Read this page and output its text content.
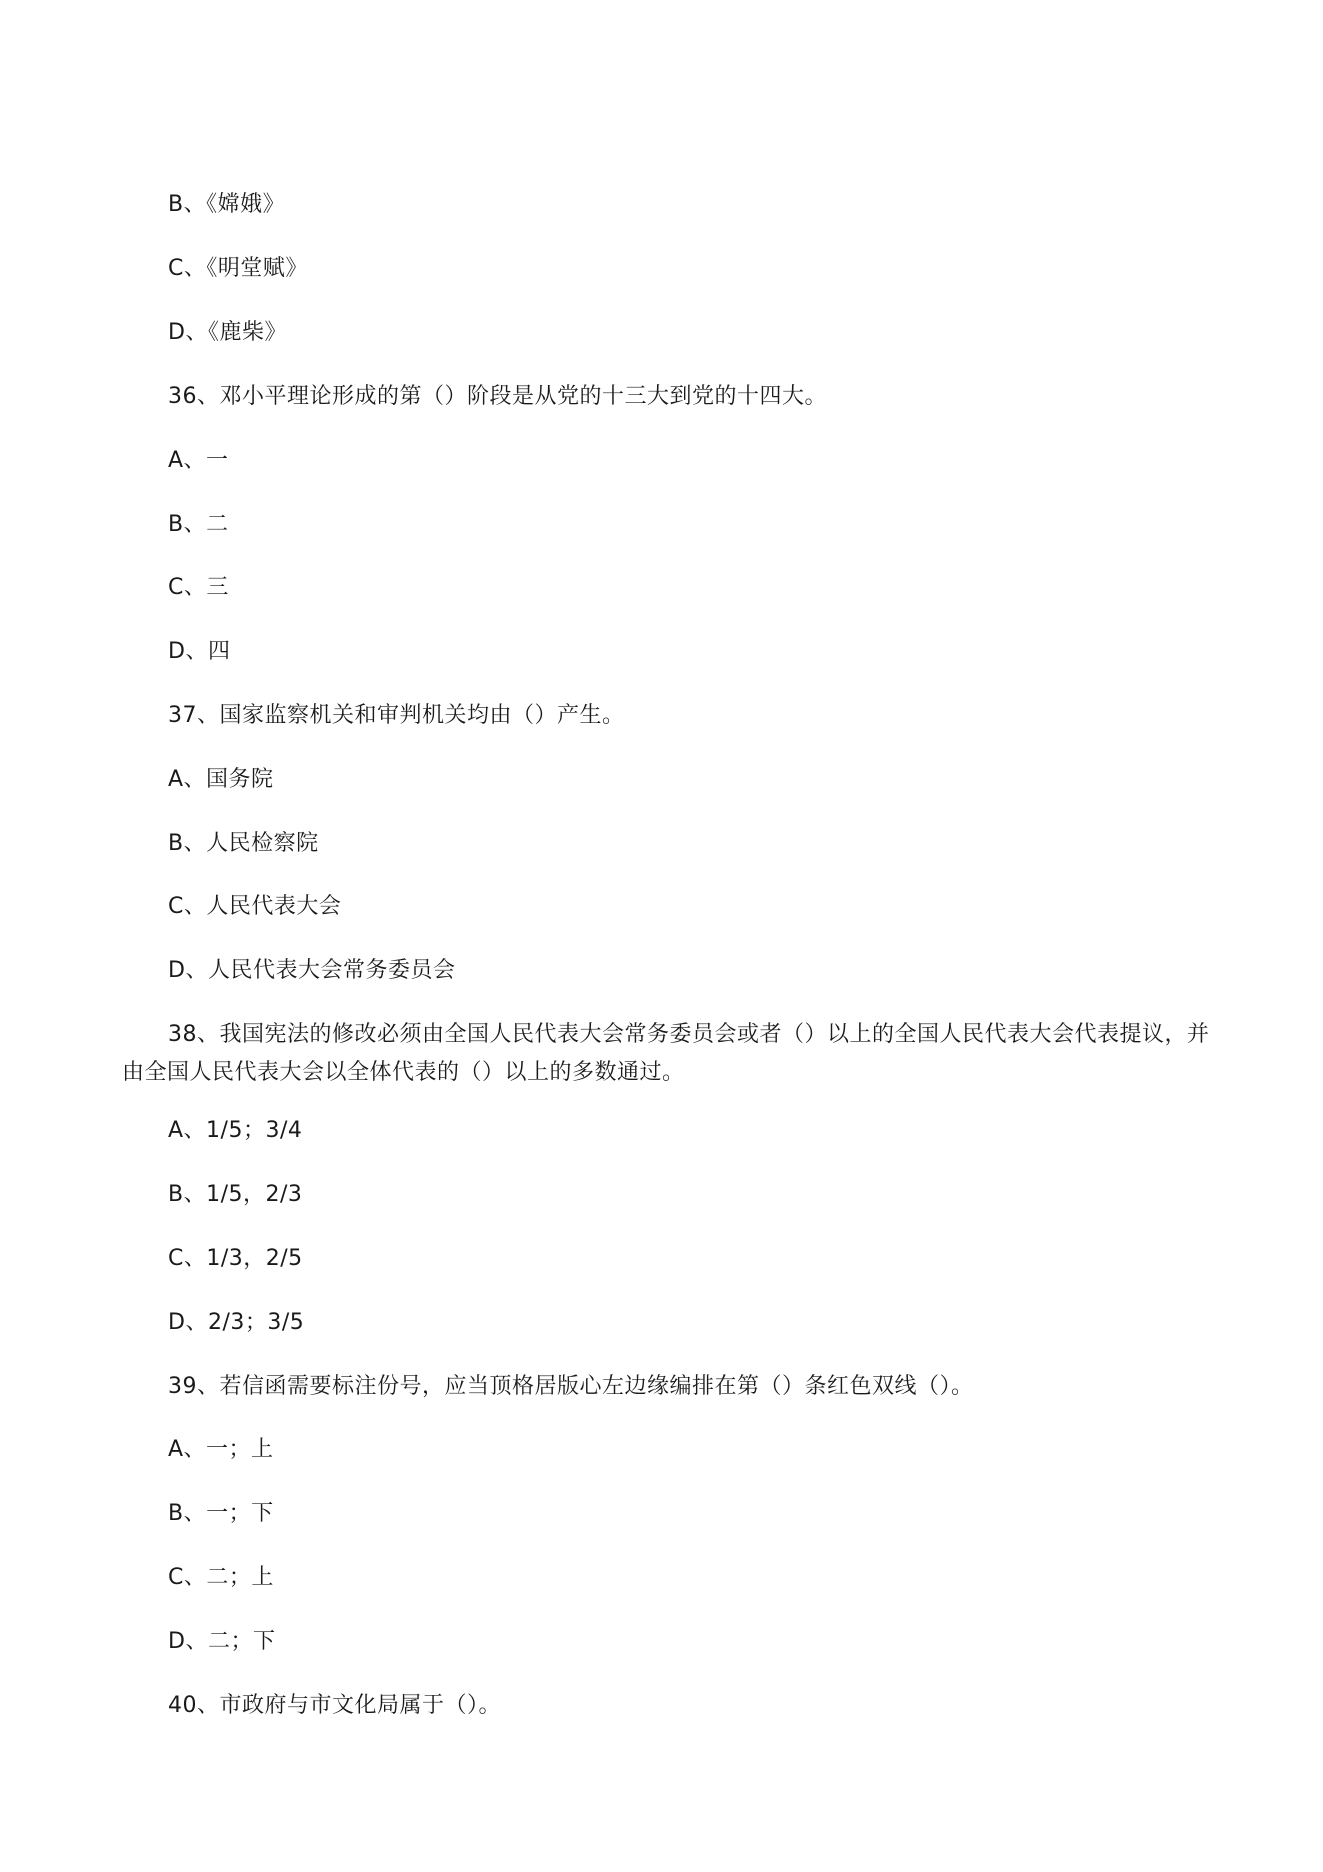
B、《嫦娥》
C、《明堂赋》
D、《鹿柴》
36、邓小平理论形成的第（）阶段是从党的十三大到党的十四大。
A、一
B、二
C、三
D、四
37、国家监察机关和审判机关均由（）产生。
A、国务院
B、人民检察院
C、人民代表大会
D、人民代表大会常务委员会
38、我国宪法的修改必须由全国人民代表大会常务委员会或者（）以上的全国人民代表大会代表提议，并由全国人民代表大会以全体代表的（）以上的多数通过。
A、1/5；3/4
B、1/5，2/3
C、1/3，2/5
D、2/3；3/5
39、若信函需要标注份号，应当顶格居版心左边缘编排在第（）条红色双线（）。
A、一；上
B、一；下
C、二；上
D、二；下
40、市政府与市文化局属于（）。
